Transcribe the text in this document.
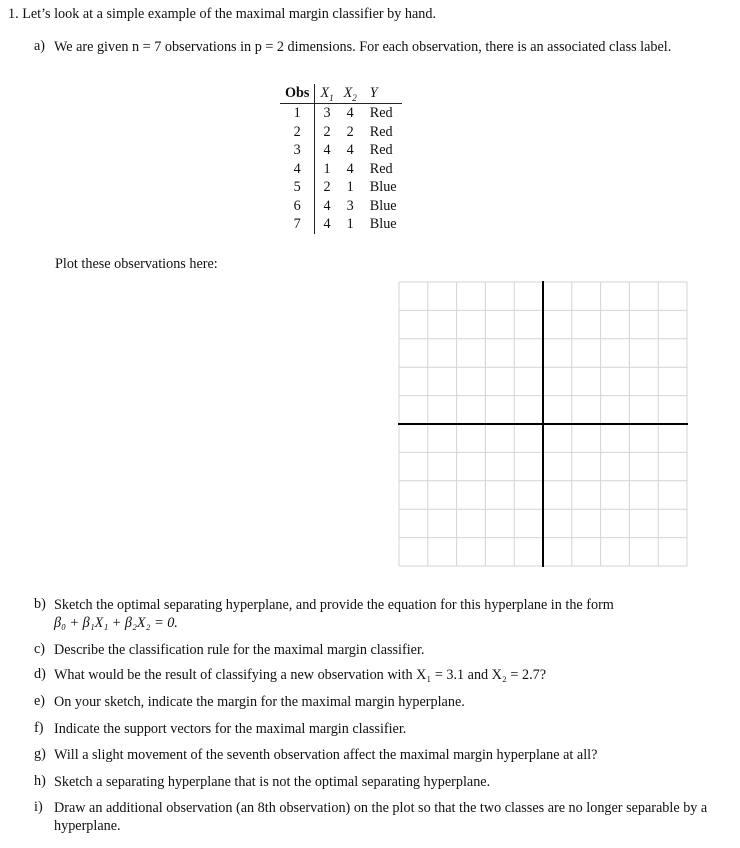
1. Let’s look at a simple example of the maximal margin classifier by hand.
a) We are given n = 7 observations in p = 2 dimensions. For each observation, there is an associated class label.
Obs	$X_1$	$X_2$	Y
1	3	4	Red
2	2	2	Red
3	4	4	Red
4	1	4	Red
5	2	1	Blue
6	4	3	Blue
7	4	1	Blue
Plot these observations here:
b) Sketch the optimal separating hyperplane, and provide the equation for this hyperplane in the form
β₀ + β₁X₁ + β₂X₂ = 0.
c) Describe the classification rule for the maximal margin classifier.
d) What would be the result of classifying a new observation with X₁ = 3.1 and X₂ = 2.7?
e) On your sketch, indicate the margin for the maximal margin hyperplane.
f) Indicate the support vectors for the maximal margin classifier.
g) Will a slight movement of the seventh observation affect the maximal margin hyperplane at all?
h) Sketch a separating hyperplane that is not the optimal separating hyperplane.
i) Draw an additional observation (an 8th observation) on the plot so that the two classes are no longer separable by a hyperplane.
